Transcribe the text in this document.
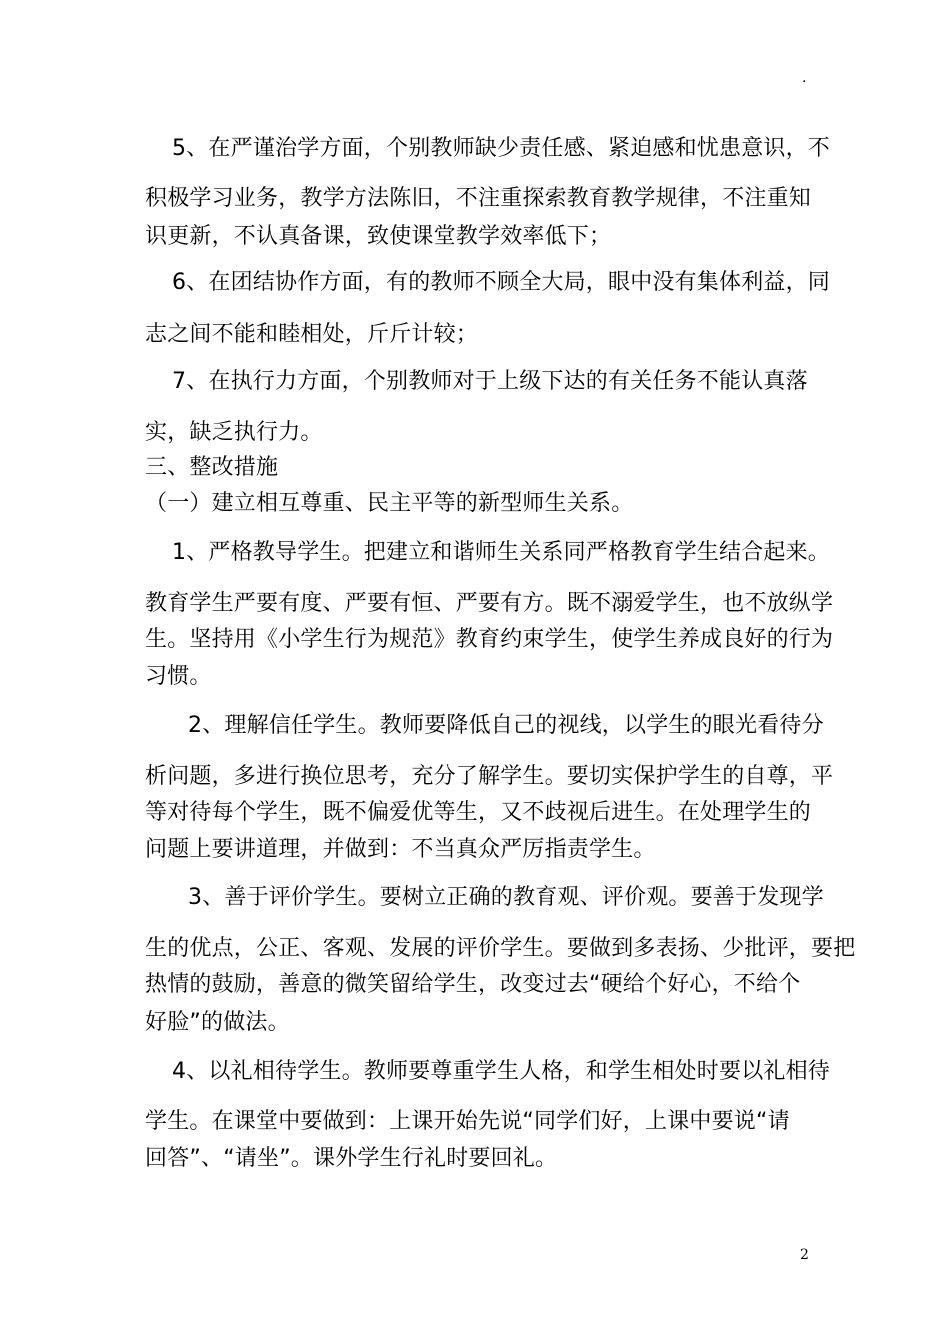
.
5、在严谨治学方面，个别教师缺少责任感、紧迫感和忧患意识，不
积极学习业务，教学方法陈旧，不注重探索教育教学规律，不注重知
识更新，不认真备课，致使课堂教学效率低下；
6、在团结协作方面，有的教师不顾全大局，眼中没有集体利益，同
志之间不能和睦相处，斤斤计较；
7、在执行力方面，个别教师对于上级下达的有关任务不能认真落
实，缺乏执行力。
三、整改措施
（一）建立相互尊重、民主平等的新型师生关系。
1、严格教导学生。把建立和谐师生关系同严格教育学生结合起来。
教育学生严要有度、严要有恒、严要有方。既不溺爱学生，也不放纵学
生。坚持用《小学生行为规范》教育约束学生，使学生养成良好的行为
习惯。
2、理解信任学生。教师要降低自己的视线，以学生的眼光看待分
析问题，多进行换位思考，充分了解学生。要切实保护学生的自尊，平
等对待每个学生，既不偏爱优等生，又不歧视后进生。在处理学生的
问题上要讲道理，并做到：不当真众严厉指责学生。
3、善于评价学生。要树立正确的教育观、评价观。要善于发现学
生的优点，公正、客观、发展的评价学生。要做到多表扬、少批评，要把
热情的鼓励，善意的微笑留给学生，改变过去“硬给个好心，不给个
好脸”的做法。
4、以礼相待学生。教师要尊重学生人格，和学生相处时要以礼相待
学生。在课堂中要做到：上课开始先说“同学们好，上课中要说“请
回答”、“请坐”。课外学生行礼时要回礼。
2
